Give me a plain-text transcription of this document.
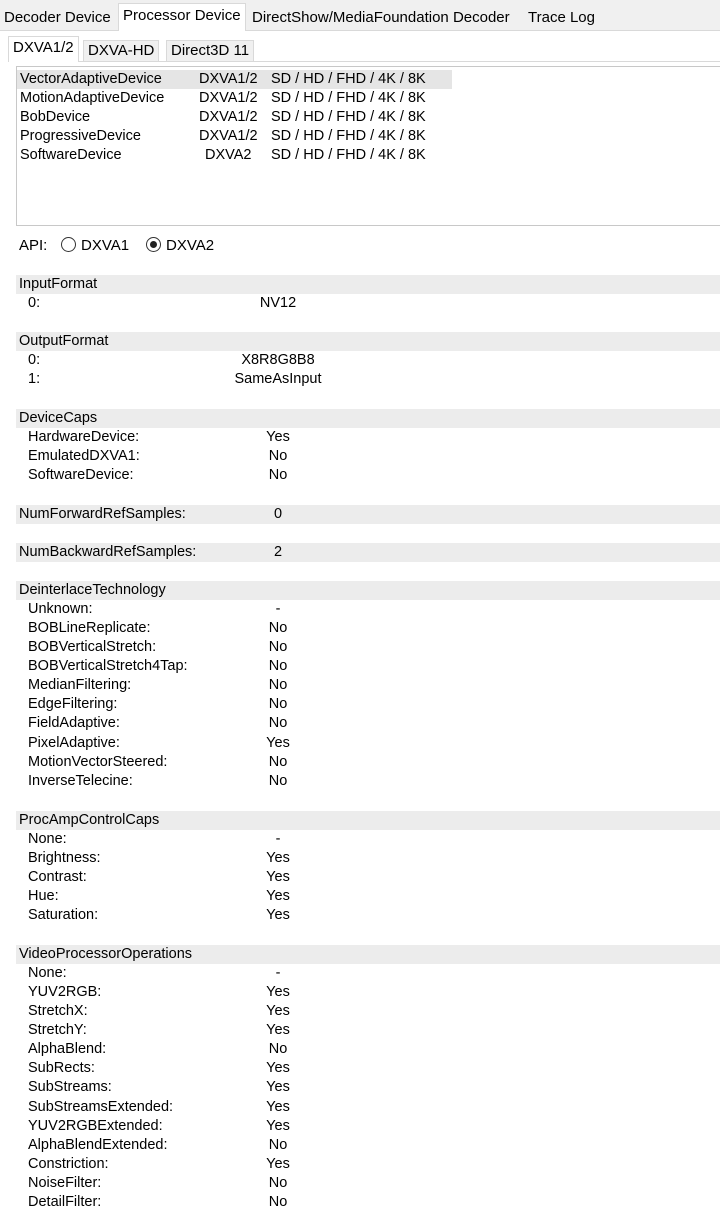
Decoder Device Processor Device DirectShow/MediaFoundation Decoder Trace Log
DXVA1/2 DXVA-HD	Direct3D 11
VectorAdaptiveDevice	DXVA1/2 SD / HD / FHD / 4K / 8K
MotionAdaptiveDevice DXVA1/2 SD / HD / FHD / 4K / 8K
BobDevice	DXVA1/2 SD / HD / FHD / 4K / 8K
ProgressiveDevice	DXVA1/2 SD / HD / FHD / 4K / 8K
SoftwareDevice	DXVA2 SD / HD / FHD / 4K / 8K
API: DXVA1 DXVA2
InputFormat
0:	NV12
OutputFormat
0:	X8R8G8B8
1:	SameAsInput
DeviceCaps
HardwareDevice:	Yes
EmulatedDXVA1:	No
SoftwareDevice:	No
NumForwardRefSamples:	0
NumBackwardRefSamples:	2
DeinterlaceTechnology
Unknown:	-
BOBLineReplicate:	No
BOBVerticalStretch:	No
BOBVerticalStretch4Tap:	No
MedianFiltering:	No
EdgeFiltering:	No
FieldAdaptive:	No
PixelAdaptive:	Yes
MotionVectorSteered:	No
InverseTelecine:	No
ProcAmpControlCaps
None:	-
Brightness:	Yes
Contrast:	Yes
Hue:	Yes
Saturation:	Yes
VideoProcessorOperations
None:	-
YUV2RGB:	Yes
StretchX:	Yes
StretchY:	Yes
AlphaBlend:	No
SubRects:	Yes
SubStreams:	Yes
SubStreamsExtended:	Yes
YUV2RGBExtended:	Yes
AlphaBlendExtended:	No
Constriction:	Yes
NoiseFilter:	No
DetailFilter:	No
